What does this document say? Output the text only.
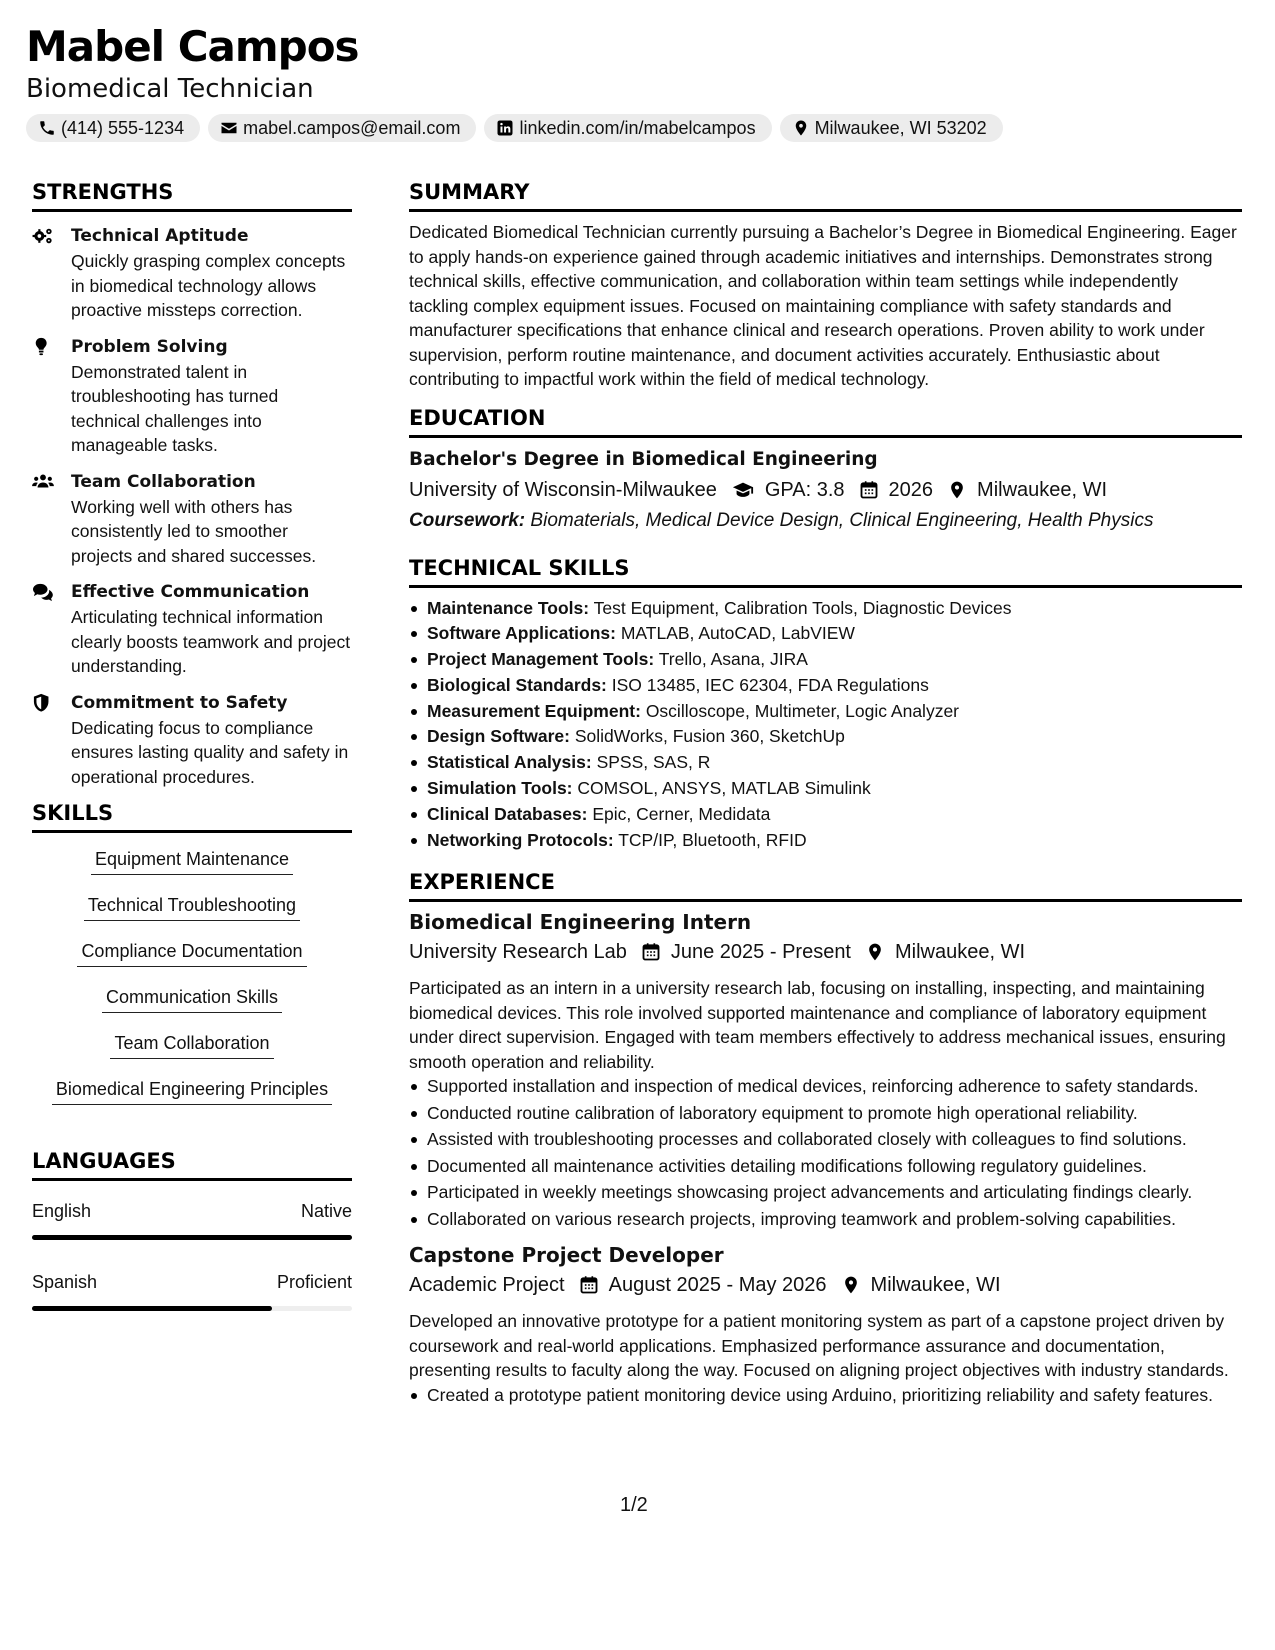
Mabel Campos
Biomedical Technician
(414) 555-1234	mabel.campos@email.com	linkedin.com/in/mabelcampos	Milwaukee, WI 53202
STRENGTHS
Technical Aptitude
Quickly grasping complex concepts in biomedical technology allows proactive missteps correction.
Problem Solving
Demonstrated talent in troubleshooting has turned technical challenges into manageable tasks.
Team Collaboration
Working well with others has consistently led to smoother projects and shared successes.
Effective Communication
Articulating technical information clearly boosts teamwork and project understanding.
Commitment to Safety
Dedicating focus to compliance ensures lasting quality and safety in operational procedures.
SKILLS
Equipment Maintenance
Technical Troubleshooting
Compliance Documentation
Communication Skills
Team Collaboration
Biomedical Engineering Principles
LANGUAGES
English	Native
Spanish	Proficient
SUMMARY
Dedicated Biomedical Technician currently pursuing a Bachelor’s Degree in Biomedical Engineering. Eager to apply hands-on experience gained through academic initiatives and internships. Demonstrates strong technical skills, effective communication, and collaboration within team settings while independently tackling complex equipment issues. Focused on maintaining compliance with safety standards and manufacturer specifications that enhance clinical and research operations. Proven ability to work under supervision, perform routine maintenance, and document activities accurately. Enthusiastic about contributing to impactful work within the field of medical technology.
EDUCATION
Bachelor's Degree in Biomedical Engineering
University of Wisconsin-Milwaukee GPA: 3.8 2026 Milwaukee, WI
Coursework: Biomaterials, Medical Device Design, Clinical Engineering, Health Physics
TECHNICAL SKILLS
Maintenance Tools: Test Equipment, Calibration Tools, Diagnostic Devices
Software Applications: MATLAB, AutoCAD, LabVIEW
Project Management Tools: Trello, Asana, JIRA
Biological Standards: ISO 13485, IEC 62304, FDA Regulations
Measurement Equipment: Oscilloscope, Multimeter, Logic Analyzer
Design Software: SolidWorks, Fusion 360, SketchUp
Statistical Analysis: SPSS, SAS, R
Simulation Tools: COMSOL, ANSYS, MATLAB Simulink
Clinical Databases: Epic, Cerner, Medidata
Networking Protocols: TCP/IP, Bluetooth, RFID
EXPERIENCE
Biomedical Engineering Intern
University Research Lab June 2025 - Present Milwaukee, WI
Participated as an intern in a university research lab, focusing on installing, inspecting, and maintaining biomedical devices. This role involved supported maintenance and compliance of laboratory equipment under direct supervision. Engaged with team members effectively to address mechanical issues, ensuring smooth operation and reliability.
Supported installation and inspection of medical devices, reinforcing adherence to safety standards.
Conducted routine calibration of laboratory equipment to promote high operational reliability.
Assisted with troubleshooting processes and collaborated closely with colleagues to find solutions.
Documented all maintenance activities detailing modifications following regulatory guidelines.
Participated in weekly meetings showcasing project advancements and articulating findings clearly.
Collaborated on various research projects, improving teamwork and problem-solving capabilities.
Capstone Project Developer
Academic Project August 2025 - May 2026 Milwaukee, WI
Developed an innovative prototype for a patient monitoring system as part of a capstone project driven by coursework and real-world applications. Emphasized performance assurance and documentation, presenting results to faculty along the way. Focused on aligning project objectives with industry standards.
Created a prototype patient monitoring device using Arduino, prioritizing reliability and safety features.
1/2
